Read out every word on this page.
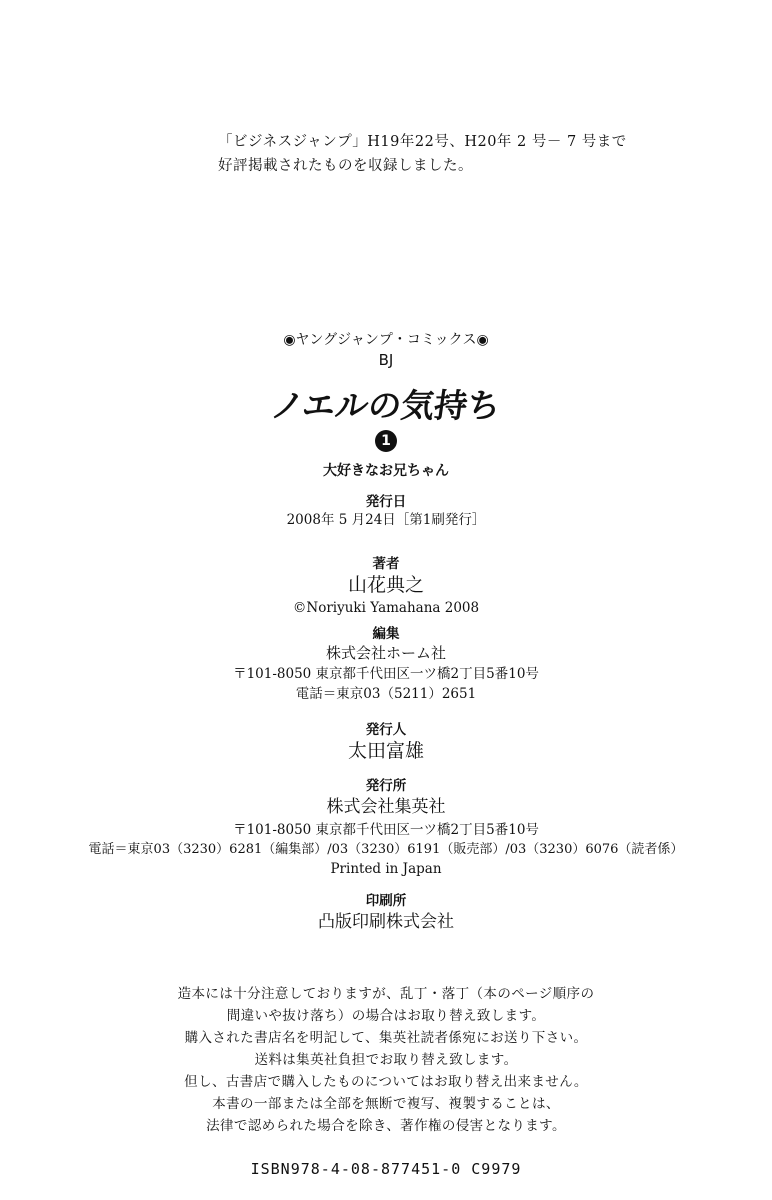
「ビジネスジャンプ」H19年22号、H20年 2 号－ 7 号まで
好評掲載されたものを収録しました。
◉ヤングジャンプ・コミックス◉
BJ
ノエルの気持ち
1
大好きなお兄ちゃん
発行日
2008年 5 月24日［第1刷発行］
著者
山花典之
©Noriyuki Yamahana 2008
編集
株式会社ホーム社
〒101-8050 東京都千代田区一ツ橋2丁目5番10号
電話＝東京03（5211）2651
発行人
太田富雄
発行所
株式会社集英社
〒101-8050 東京都千代田区一ツ橋2丁目5番10号
電話＝東京03（3230）6281（編集部）/03（3230）6191（販売部）/03（3230）6076（読者係）
Printed in Japan
印刷所
凸版印刷株式会社
造本には十分注意しておりますが、乱丁・落丁（本のページ順序の
間違いや抜け落ち）の場合はお取り替え致します。
購入された書店名を明記して、集英社読者係宛にお送り下さい。
送料は集英社負担でお取り替え致します。
但し、古書店で購入したものについてはお取り替え出来ません。
本書の一部または全部を無断で複写、複製することは、
法律で認められた場合を除き、著作権の侵害となります。
ISBN978-4-08-877451-0 C9979
